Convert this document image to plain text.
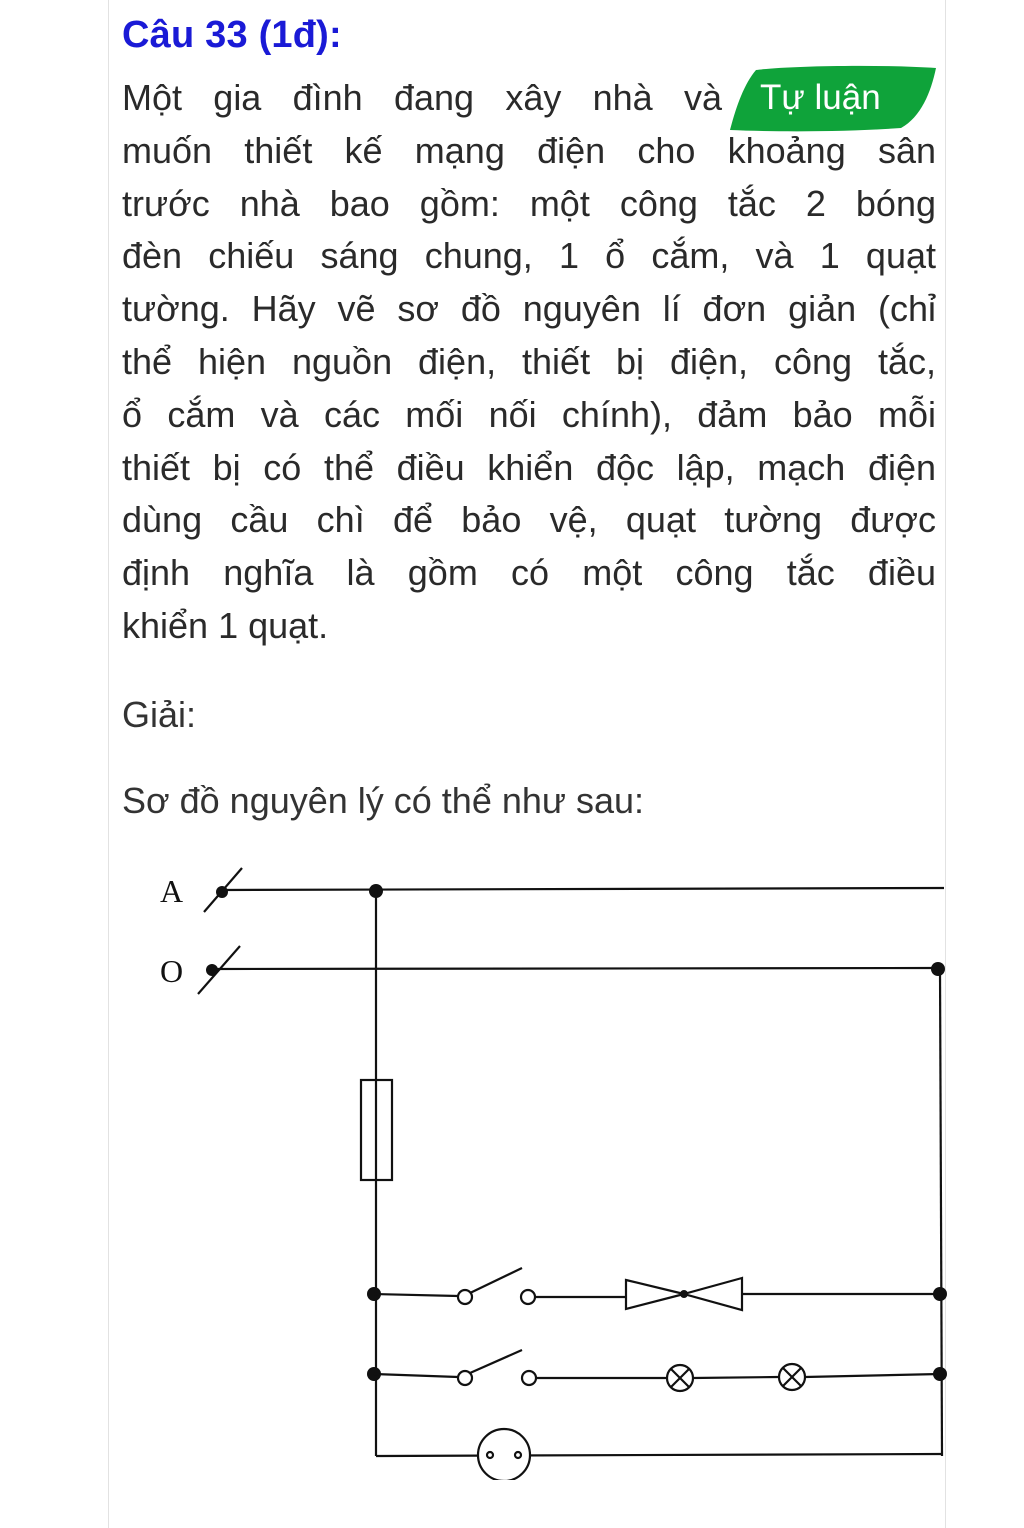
Câu 33 (1đ):
Tự luận
Một gia đình đang xây nhà và
muốn thiết kế mạng điện cho khoảng sân
trước nhà bao gồm: một công tắc 2 bóng
đèn chiếu sáng chung, 1 ổ cắm, và 1 quạt
tường. Hãy vẽ sơ đồ nguyên lí đơn giản (chỉ
thể hiện nguồn điện, thiết bị điện, công tắc,
ổ cắm và các mối nối chính), đảm bảo mỗi
thiết bị có thể điều khiển độc lập, mạch điện
dùng cầu chì để bảo vệ, quạt tường được
định nghĩa là gồm có một công tắc điều
khiển 1 quạt.
Giải:
Sơ đồ nguyên lý có thể như sau:
A
O
